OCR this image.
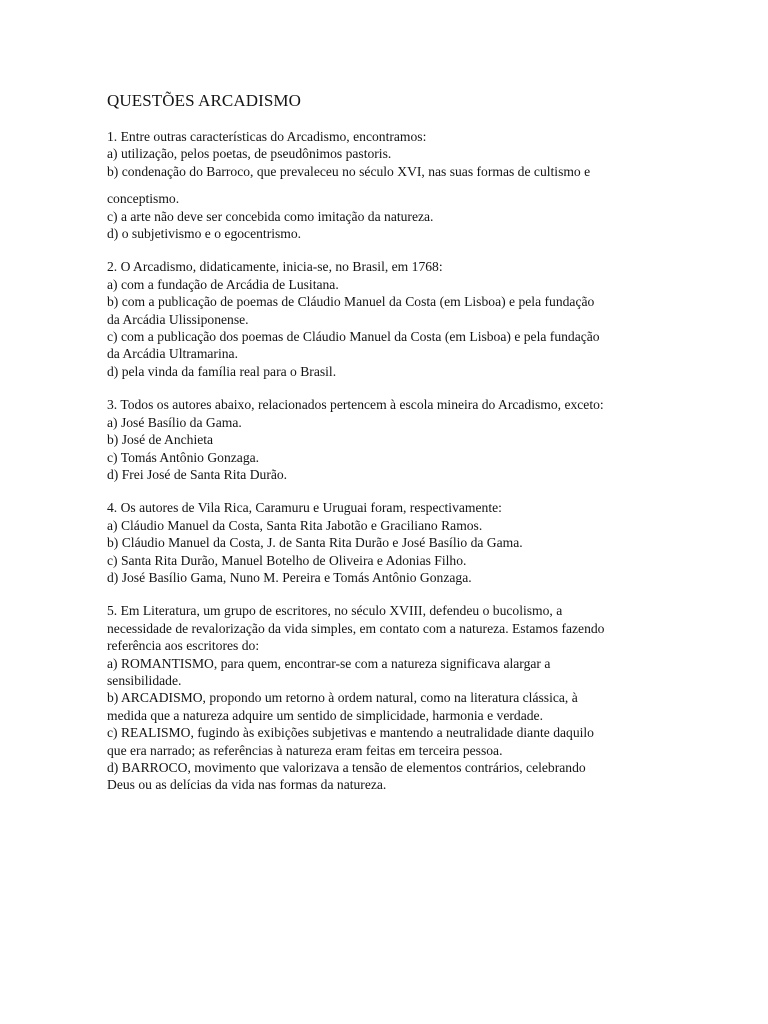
QUESTÕES ARCADISMO
1. Entre outras características do Arcadismo, encontramos:
a) utilização, pelos poetas, de pseudônimos pastoris.
b) condenação do Barroco, que prevaleceu no século XVI, nas suas formas de cultismo e
conceptismo.
c) a arte não deve ser concebida como imitação da natureza.
d) o subjetivismo e o egocentrismo.
2. O Arcadismo, didaticamente, inicia-se, no Brasil, em 1768:
a) com a fundação de Arcádia de Lusitana.
b) com a publicação de poemas de Cláudio Manuel da Costa (em Lisboa) e pela fundação
da Arcádia Ulissiponense.
c) com a publicação dos poemas de Cláudio Manuel da Costa (em Lisboa) e pela fundação
da Arcádia Ultramarina.
d) pela vinda da família real para o Brasil.
3. Todos os autores abaixo, relacionados pertencem à escola mineira do Arcadismo, exceto:
a) José Basílio da Gama.
b) José de Anchieta
c) Tomás Antônio Gonzaga.
d) Frei José de Santa Rita Durão.
4. Os autores de Vila Rica, Caramuru e Uruguai foram, respectivamente:
a) Cláudio Manuel da Costa, Santa Rita Jabotão e Graciliano Ramos.
b) Cláudio Manuel da Costa, J. de Santa Rita Durão e José Basílio da Gama.
c) Santa Rita Durão, Manuel Botelho de Oliveira e Adonias Filho.
d) José Basílio Gama, Nuno M. Pereira e Tomás Antônio Gonzaga.
5. Em Literatura, um grupo de escritores, no século XVIII, defendeu o bucolismo, a
necessidade de revalorização da vida simples, em contato com a natureza. Estamos fazendo
referência aos escritores do:
a) ROMANTISMO, para quem, encontrar-se com a natureza significava alargar a
sensibilidade.
b) ARCADISMO, propondo um retorno à ordem natural, como na literatura clássica, à
medida que a natureza adquire um sentido de simplicidade, harmonia e verdade.
c) REALISMO, fugindo às exibições subjetivas e mantendo a neutralidade diante daquilo
que era narrado; as referências à natureza eram feitas em terceira pessoa.
d) BARROCO, movimento que valorizava a tensão de elementos contrários, celebrando
Deus ou as delícias da vida nas formas da natureza.
